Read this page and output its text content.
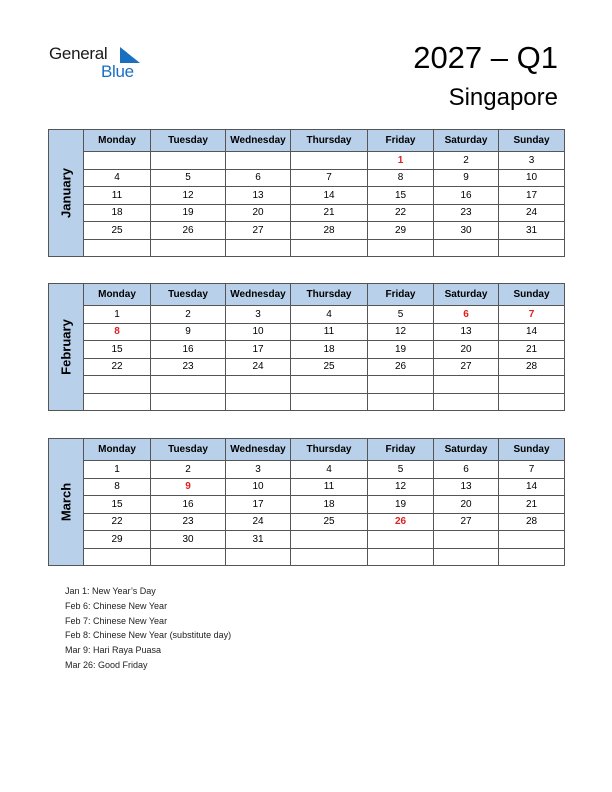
General
Blue	2027 – Q1
Singapore
January	Monday	Tuesday	Wednesday	Thursday	Friday	Saturday	Sunday
					1	2	3
	4	5	6	7	8	9	10
	11	12	13	14	15	16	17
	18	19	20	21	22	23	24
	25	26	27	28	29	30	31

February	Monday	Tuesday	Wednesday	Thursday	Friday	Saturday	Sunday
	1	2	3	4	5	6	7
	8	9	10	11	12	13	14
	15	16	17	18	19	20	21
	22	23	24	25	26	27	28

March	Monday	Tuesday	Wednesday	Thursday	Friday	Saturday	Sunday
	1	2	3	4	5	6	7
	8	9	10	11	12	13	14
	15	16	17	18	19	20	21
	22	23	24	25	26	27	28
	29	30	31				

Jan 1: New Year’s Day
Feb 6: Chinese New Year
Feb 7: Chinese New Year
Feb 8: Chinese New Year (substitute day)
Mar 9: Hari Raya Puasa
Mar 26: Good Friday
